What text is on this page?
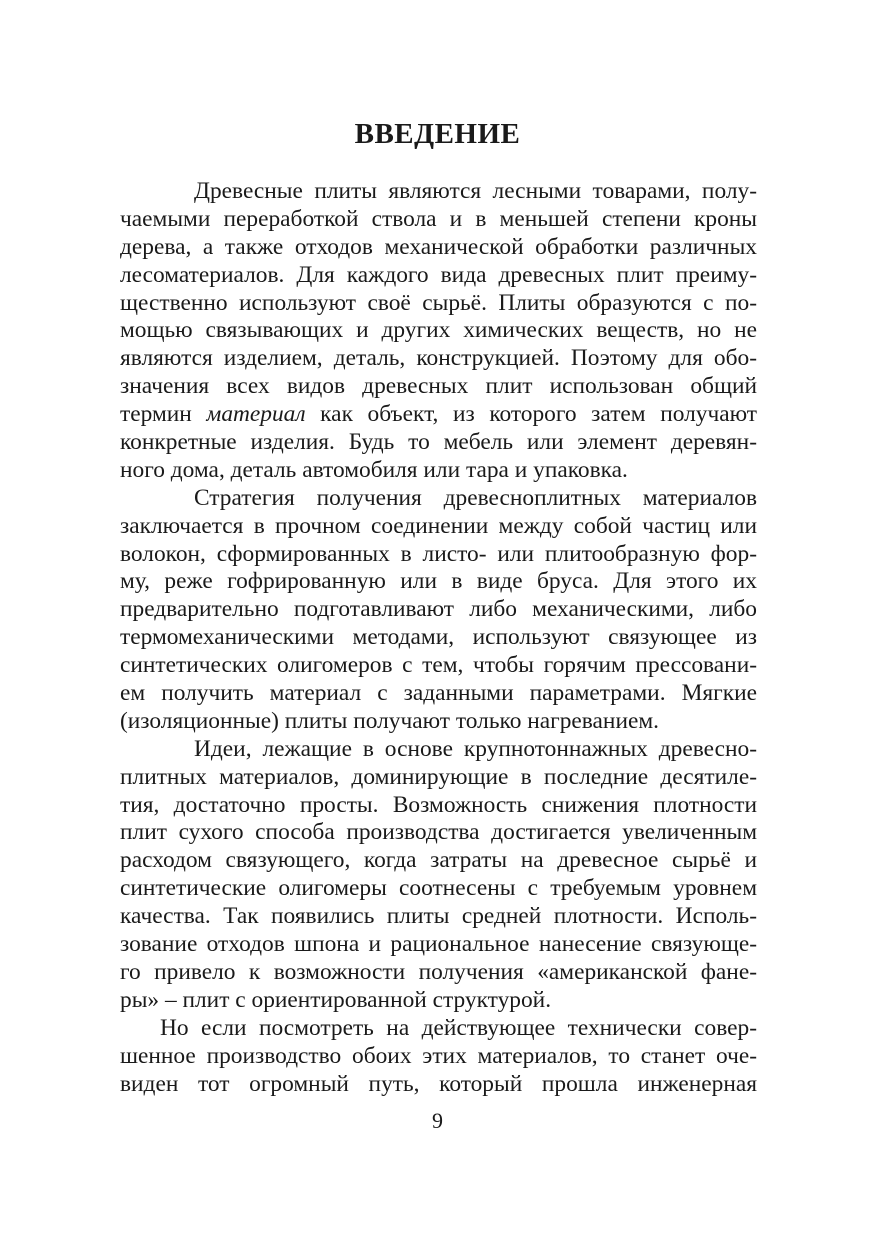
ВВЕДЕНИЕ
Древесные плиты являются лесными товарами, полу-
чаемыми переработкой ствола и в меньшей степени кроны
дерева, а также отходов механической обработки различных
лесоматериалов. Для каждого вида древесных плит преиму-
щественно используют своё сырьё. Плиты образуются с по-
мощью связывающих и других химических веществ, но не
являются изделием, деталь, конструкцией. Поэтому для обо-
значения всех видов древесных плит использован общий
термин материал как объект, из которого затем получают
конкретные изделия. Будь то мебель или элемент деревян-
ного дома, деталь автомобиля или тара и упаковка.
Стратегия получения древесноплитных материалов
заключается в прочном соединении между собой частиц или
волокон, сформированных в листо- или плитообразную фор-
му, реже гофрированную или в виде бруса. Для этого их
предварительно подготавливают либо механическими, либо
термомеханическими методами, используют связующее из
синтетических олигомеров с тем, чтобы горячим прессовани-
ем получить материал с заданными параметрами. Мягкие
(изоляционные) плиты получают только нагреванием.
Идеи, лежащие в основе крупнотоннажных древесно-
плитных материалов, доминирующие в последние десятиле-
тия, достаточно просты. Возможность снижения плотности
плит сухого способа производства достигается увеличенным
расходом связующего, когда затраты на древесное сырьё и
синтетические олигомеры соотнесены с требуемым уровнем
качества. Так появились плиты средней плотности. Исполь-
зование отходов шпона и рациональное нанесение связующе-
го привело к возможности получения «американской фане-
ры» – плит с ориентированной структурой.
Но если посмотреть на действующее технически совер-
шенное производство обоих этих материалов, то станет оче-
виден тот огромный путь, который прошла инженерная
9
